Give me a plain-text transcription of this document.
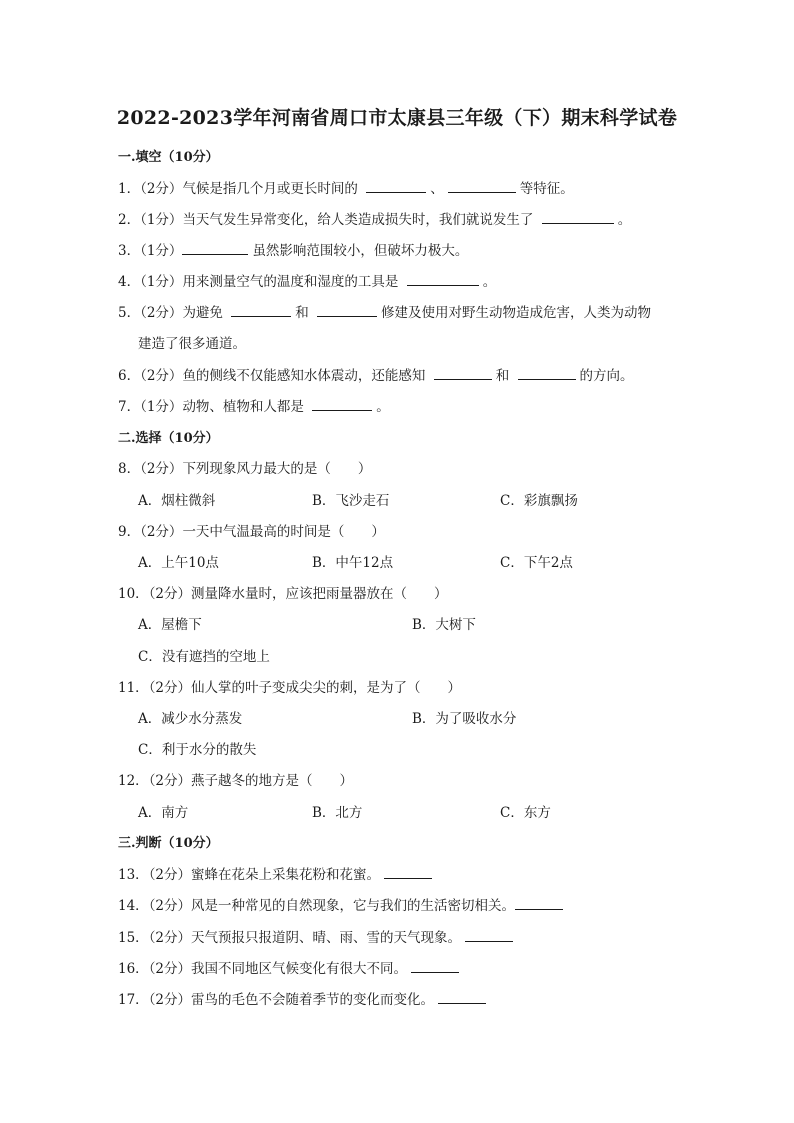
2022-2023学年河南省周口市太康县三年级（下）期末科学试卷
一.填空（10分）
1．（2分）气候是指几个月或更长时间的	、	等特征。
2．（1分）当天气发生异常变化，给人类造成损失时，我们就说发生了	。
3．（1分）	虽然影响范围较小，但破坏力极大。
4．（1分）用来测量空气的温度和湿度的工具是	。
5．（2分）为避免	和	修建及使用对野生动物造成危害，人类为动物
建造了很多通道。
6．（2分）鱼的侧线不仅能感知水体震动，还能感知	和	的方向。
7．（1分）动物、植物和人都是	。
二.选择（10分）
8．（2分）下列现象风力最大的是（　　）
A．烟柱微斜	B．飞沙走石	C．彩旗飘扬
9．（2分）一天中气温最高的时间是（　　）
A．上午10点	B．中午12点	C．下午2点
10．（2分）测量降水量时，应该把雨量器放在（　　）
A．屋檐下	B．大树下
C．没有遮挡的空地上
11．（2分）仙人掌的叶子变成尖尖的刺，是为了（　　）
A．减少水分蒸发	B．为了吸收水分
C．利于水分的散失
12．（2分）燕子越冬的地方是（　　）
A．南方	B．北方	C．东方
三.判断（10分）
13．（2分）蜜蜂在花朵上采集花粉和花蜜。
14．（2分）风是一种常见的自然现象，它与我们的生活密切相关。
15．（2分）天气预报只报道阴、晴、雨、雪的天气现象。
16．（2分）我国不同地区气候变化有很大不同。
17．（2分）雷鸟的毛色不会随着季节的变化而变化。
